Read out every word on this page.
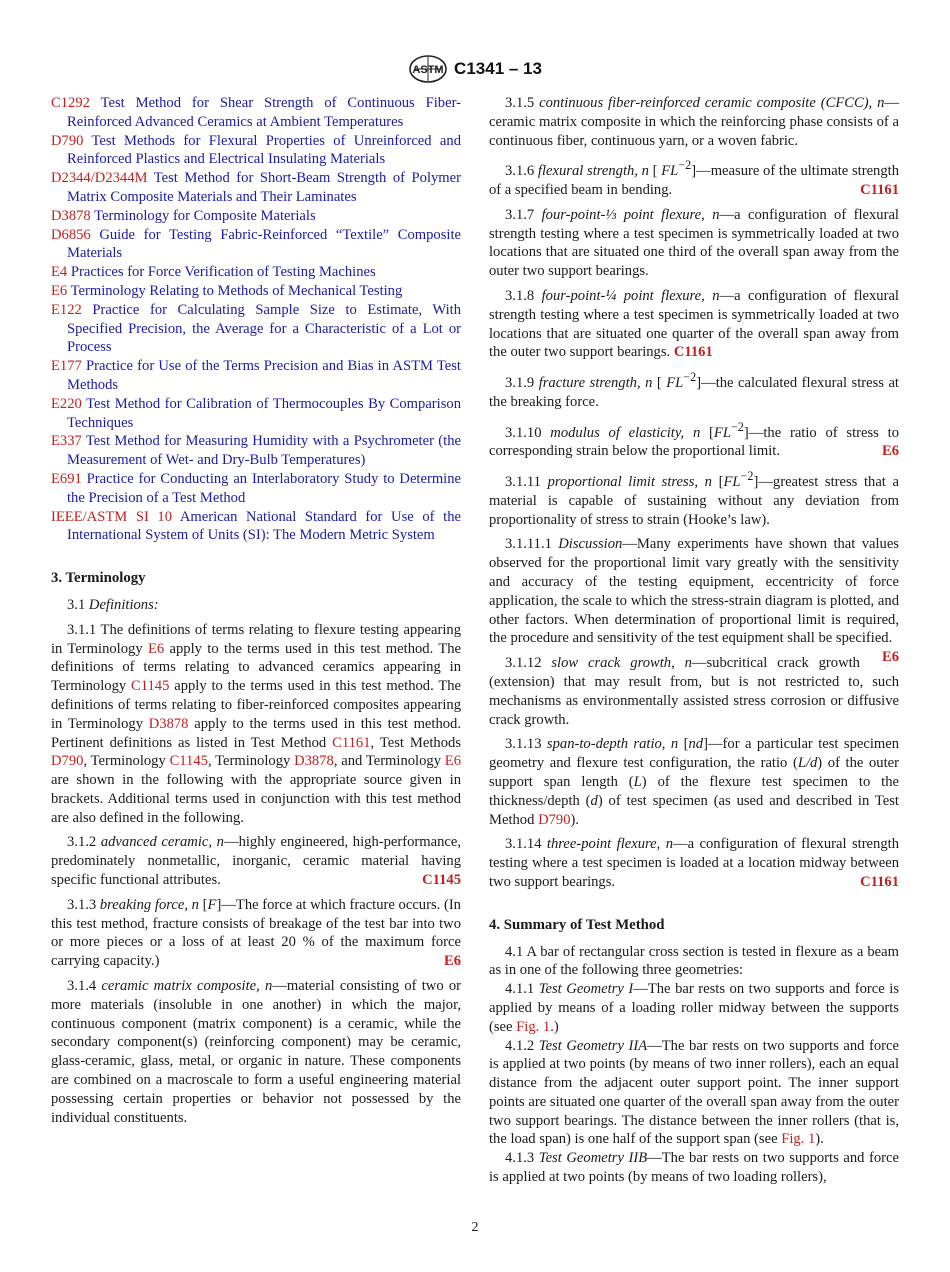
ASTM C1341 – 13

C1292 Test Method for Shear Strength of Continuous Fiber-Reinforced Advanced Ceramics at Ambient Temperatures

D790 Test Methods for Flexural Properties of Unreinforced and Reinforced Plastics and Electrical Insulating Materials

D2344/D2344M Test Method for Short-Beam Strength of Polymer Matrix Composite Materials and Their Laminates

D3878 Terminology for Composite Materials

D6856 Guide for Testing Fabric-Reinforced “Textile” Composite Materials

E4 Practices for Force Verification of Testing Machines

E6 Terminology Relating to Methods of Mechanical Testing

E122 Practice for Calculating Sample Size to Estimate, With Specified Precision, the Average for a Characteristic of a Lot or Process

E177 Practice for Use of the Terms Precision and Bias in ASTM Test Methods

E220 Test Method for Calibration of Thermocouples By Comparison Techniques

E337 Test Method for Measuring Humidity with a Psychrometer (the Measurement of Wet- and Dry-Bulb Temperatures)

E691 Practice for Conducting an Interlaboratory Study to Determine the Precision of a Test Method

IEEE/ASTM SI 10 American National Standard for Use of the International System of Units (SI): The Modern Metric System

3. Terminology

3.1 Definitions:

3.1.1 The definitions of terms relating to flexure testing appearing in Terminology E6 apply to the terms used in this test method. The definitions of terms relating to advanced ceramics appearing in Terminology C1145 apply to the terms used in this test method. The definitions of terms relating to fiber-reinforced composites appearing in Terminology D3878 apply to the terms used in this test method. Pertinent definitions as listed in Test Method C1161, Test Methods D790, Terminology C1145, Terminology D3878, and Terminology E6 are shown in the following with the appropriate source given in brackets. Additional terms used in conjunction with this test method are also defined in the following.

3.1.2 advanced ceramic, n—highly engineered, high-performance, predominately nonmetallic, inorganic, ceramic material having specific functional attributes.	C1145

3.1.3 breaking force, n [F]—The force at which fracture occurs. (In this test method, fracture consists of breakage of the test bar into two or more pieces or a loss of at least 20 % of the maximum force carrying capacity.)	E6

3.1.4 ceramic matrix composite, n—material consisting of two or more materials (insoluble in one another) in which the major, continuous component (matrix component) is a ceramic, while the secondary component(s) (reinforcing component) may be ceramic, glass-ceramic, glass, metal, or organic in nature. These components are combined on a macroscale to form a useful engineering material possessing certain properties or behavior not possessed by the individual constituents.

3.1.5 continuous fiber-reinforced ceramic composite (CFCC), n—ceramic matrix composite in which the reinforcing phase consists of a continuous fiber, continuous yarn, or a woven fabric.

3.1.6 flexural strength, n [ $FL^{-2}]—measure$ of the ultimate strength of a specified beam in bending.	C1161

3.1.7 four-point-⅓ point flexure, n—a configuration of flexural strength testing where a test specimen is symmetrically loaded at two locations that are situated one third of the overall span away from the outer two support bearings.

3.1.8 four-point-¼ point flexure, n—a configuration of flexural strength testing where a test specimen is symmetrically loaded at two locations that are situated one quarter of the overall span away from the outer two support bearings. C1161

3.1.9 fracture strength, n [ $FL^{-2}]—the$ calculated flexural stress at the breaking force.

3.1.10 modulus of elasticity, n $[FL^{-2}]—the$ ratio of stress to corresponding strain below the proportional limit.	E6

3.1.11 proportional limit stress, n $[FL^{-2}]—greatest$ stress that a material is capable of sustaining without any deviation from proportionality of stress to strain (Hooke’s law).

3.1.11.1 Discussion—Many experiments have shown that values observed for the proportional limit vary greatly with the sensitivity and accuracy of the testing equipment, eccentricity of force application, the scale to which the stress-strain diagram is plotted, and other factors. When determination of proportional limit is required, the procedure and sensitivity of the test equipment shall be specified.
E6

3.1.12 slow crack growth, n—subcritical crack growth (extension) that may result from, but is not restricted to, such mechanisms as environmentally assisted stress corrosion or diffusive crack growth.

3.1.13 span-to-depth ratio, n [nd]—for a particular test specimen geometry and flexure test configuration, the ratio (L/d) of the outer support span length (L) of the flexure test specimen to the thickness/depth (d) of test specimen (as used and described in Test Method D790).

3.1.14 three-point flexure, n—a configuration of flexural strength testing where a test specimen is loaded at a location midway between two support bearings.	C1161

4. Summary of Test Method

4.1 A bar of rectangular cross section is tested in flexure as a beam as in one of the following three geometries:

4.1.1 Test Geometry I—The bar rests on two supports and force is applied by means of a loading roller midway between the supports (see Fig. 1.)

4.1.2 Test Geometry IIA—The bar rests on two supports and force is applied at two points (by means of two inner rollers), each an equal distance from the adjacent outer support point. The inner support points are situated one quarter of the overall span away from the outer two support bearings. The distance between the inner rollers (that is, the load span) is one half of the support span (see Fig. 1).

4.1.3 Test Geometry IIB—The bar rests on two supports and force is applied at two points (by means of two loading rollers),

2
